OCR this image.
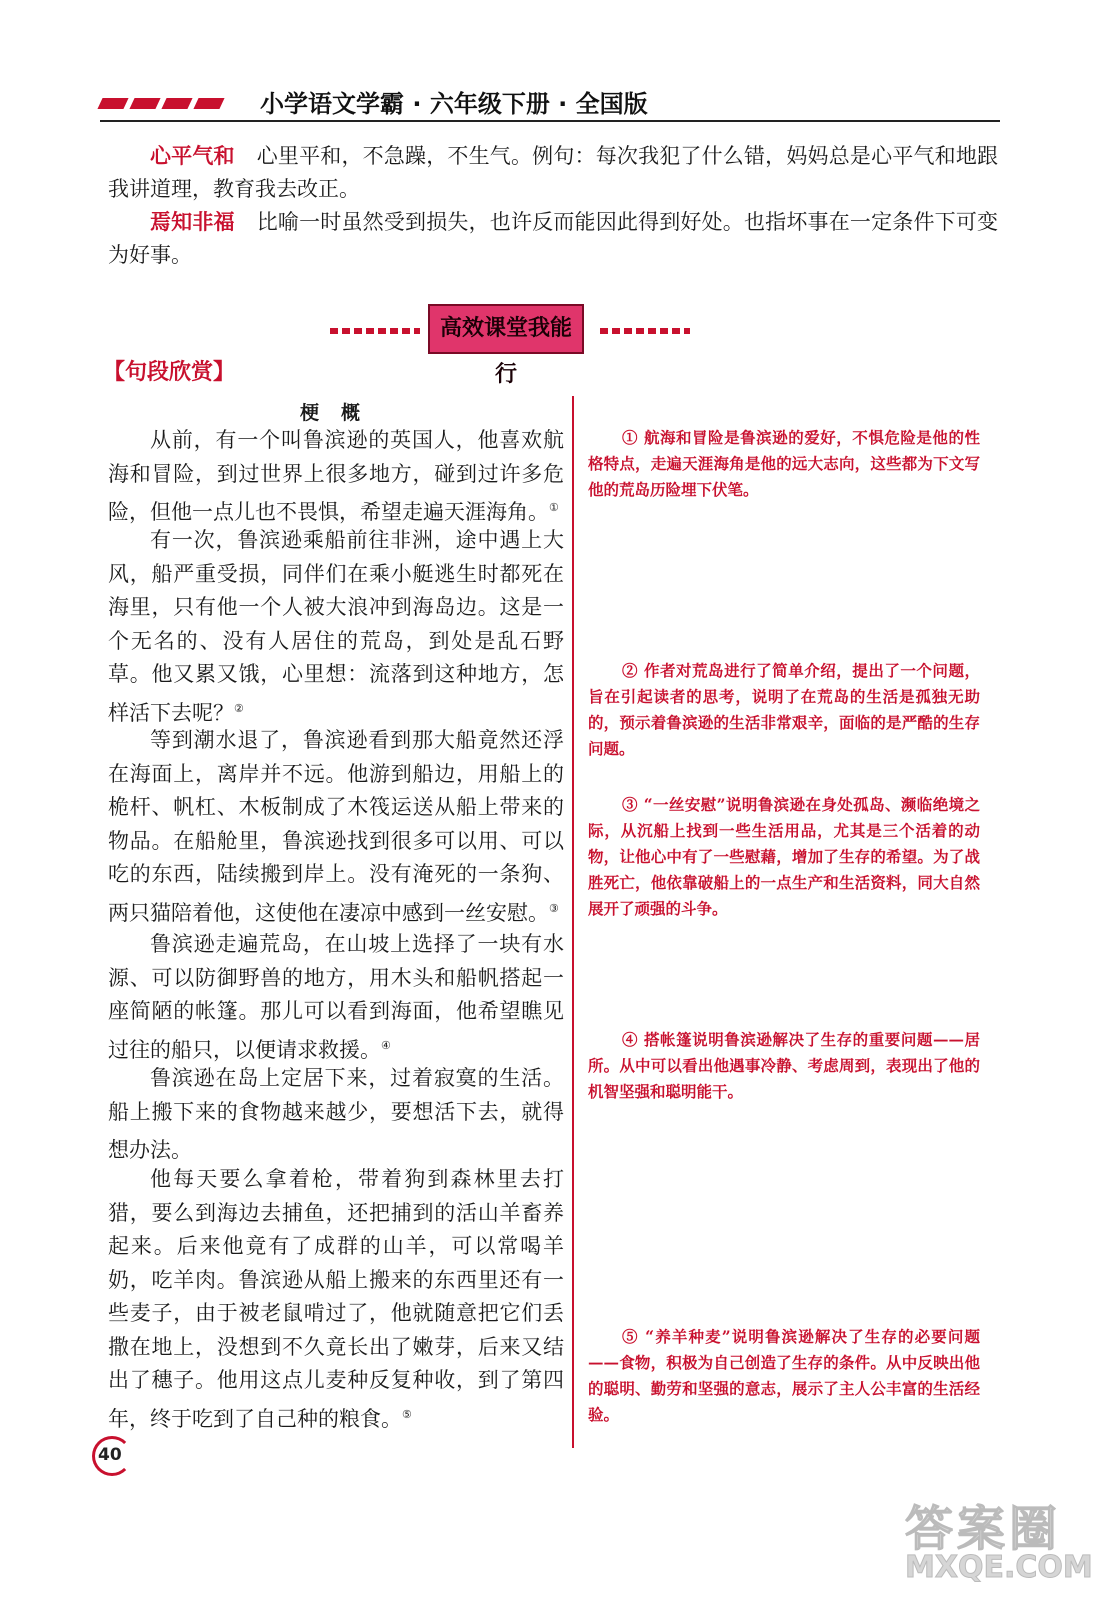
小学语文学霸 · 六年级下册 · 全国版

心平气和 心里平和，不急躁，不生气。例句：每次我犯了什么错，妈妈总是心平气和地跟我讲道理，教育我去改正。

焉知非福 比喻一时虽然受到损失，也许反而能因此得到好处。也指坏事在一定条件下可变为好事。

高效课堂我能行
【句段欣赏】
梗概

从前，有一个叫鲁滨逊的英国人，他喜欢航海和冒险，到过世界上很多地方，碰到过许多危险，但他一点儿也不畏惧，希望走遍天涯海角。①

有一次，鲁滨逊乘船前往非洲，途中遇上大风，船严重受损，同伴们在乘小艇逃生时都死在海里，只有他一个人被大浪冲到海岛边。这是一个无名的、没有人居住的荒岛，到处是乱石野草。他又累又饿，心里想：流落到这种地方，怎样活下去呢？②

等到潮水退了，鲁滨逊看到那大船竟然还浮在海面上，离岸并不远。他游到船边，用船上的桅杆、帆杠、木板制成了木筏运送从船上带来的物品。在船舱里，鲁滨逊找到很多可以用、可以吃的东西，陆续搬到岸上。没有淹死的一条狗、两只猫陪着他，这使他在凄凉中感到一丝安慰。③

鲁滨逊走遍荒岛，在山坡上选择了一块有水源、可以防御野兽的地方，用木头和船帆搭起一座简陋的帐篷。那儿可以看到海面，他希望瞧见过往的船只，以便请求救援。④

鲁滨逊在岛上定居下来，过着寂寞的生活。船上搬下来的食物越来越少，要想活下去，就得想办法。

他每天要么拿着枪，带着狗到森林里去打猎，要么到海边去捕鱼，还把捕到的活山羊畜养起来。后来他竟有了成群的山羊，可以常喝羊奶，吃羊肉。鲁滨逊从船上搬来的东西里还有一些麦子，由于被老鼠啃过了，他就随意把它们丢撒在地上，没想到不久竟长出了嫩芽，后来又结出了穗子。他用这点儿麦种反复种收，到了第四年，终于吃到了自己种的粮食。⑤

① 航海和冒险是鲁滨逊的爱好，不惧危险是他的性格特点，走遍天涯海角是他的远大志向，这些都为下文写他的荒岛历险埋下伏笔。

② 作者对荒岛进行了简单介绍，提出了一个问题，旨在引起读者的思考，说明了在荒岛的生活是孤独无助的，预示着鲁滨逊的生活非常艰辛，面临的是严酷的生存问题。

③ “一丝安慰”说明鲁滨逊在身处孤岛、濒临绝境之际，从沉船上找到一些生活用品，尤其是三个活着的动物，让他心中有了一些慰藉，增加了生存的希望。为了战胜死亡，他依靠破船上的一点生产和生活资料，同大自然展开了顽强的斗争。

④ 搭帐篷说明鲁滨逊解决了生存的重要问题——居所。从中可以看出他遇事冷静、考虑周到，表现出了他的机智坚强和聪明能干。

⑤ “养羊种麦”说明鲁滨逊解决了生存的必要问题——食物，积极为自己创造了生存的条件。从中反映出他的聪明、勤劳和坚强的意志，展示了主人公丰富的生活经验。

40
答案圈
MXQE.COM
